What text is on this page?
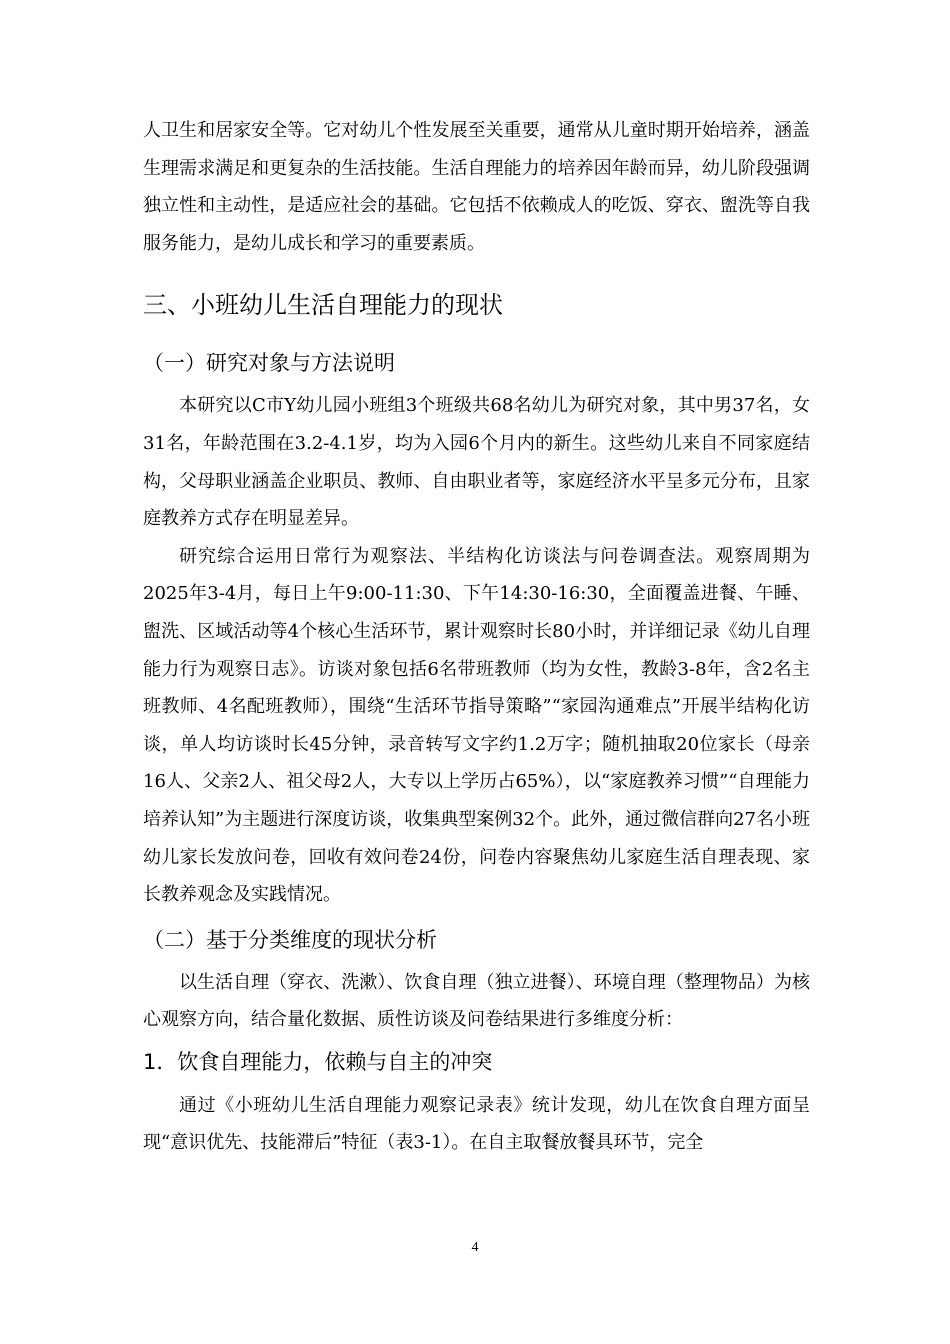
人卫生和居家安全等。它对幼儿个性发展至关重要，通常从儿童时期开始培养，涵盖生理需求满足和更复杂的生活技能。生活自理能力的培养因年龄而异，幼儿阶段强调独立性和主动性，是适应社会的基础。它包括不依赖成人的吃饭、穿衣、盥洗等自我服务能力，是幼儿成长和学习的重要素质。

三、小班幼儿生活自理能力的现状
（一）研究对象与方法说明

本研究以C市Y幼儿园小班组3个班级共68名幼儿为研究对象，其中男37名，女31名，年龄范围在3.2-4.1岁，均为入园6个月内的新生。这些幼儿来自不同家庭结构，父母职业涵盖企业职员、教师、自由职业者等，家庭经济水平呈多元分布，且家庭教养方式存在明显差异。

研究综合运用日常行为观察法、半结构化访谈法与问卷调查法。观察周期为2025年3-4月，每日上午9:00-11:30、下午14:30-16:30，全面覆盖进餐、午睡、盥洗、区域活动等4个核心生活环节，累计观察时长80小时，并详细记录《幼儿自理能力行为观察日志》。访谈对象包括6名带班教师（均为女性，教龄3-8年，含2名主班教师、4名配班教师），围绕“生活环节指导策略”“家园沟通难点”开展半结构化访谈，单人均访谈时长45分钟，录音转写文字约1.2万字；随机抽取20位家长（母亲16人、父亲2人、祖父母2人，大专以上学历占65%），以“家庭教养习惯”“自理能力培养认知”为主题进行深度访谈，收集典型案例32个。此外，通过微信群向27名小班幼儿家长发放问卷，回收有效问卷24份，问卷内容聚焦幼儿家庭生活自理表现、家长教养观念及实践情况。

（二）基于分类维度的现状分析

以生活自理（穿衣、洗漱）、饮食自理（独立进餐）、环境自理（整理物品）为核心观察方向，结合量化数据、质性访谈及问卷结果进行多维度分析：

1．饮食自理能力，依赖与自主的冲突

通过《小班幼儿生活自理能力观察记录表》统计发现，幼儿在饮食自理方面呈现“意识优先、技能滞后”特征（表3-1）。在自主取餐放餐具环节，完全

4
